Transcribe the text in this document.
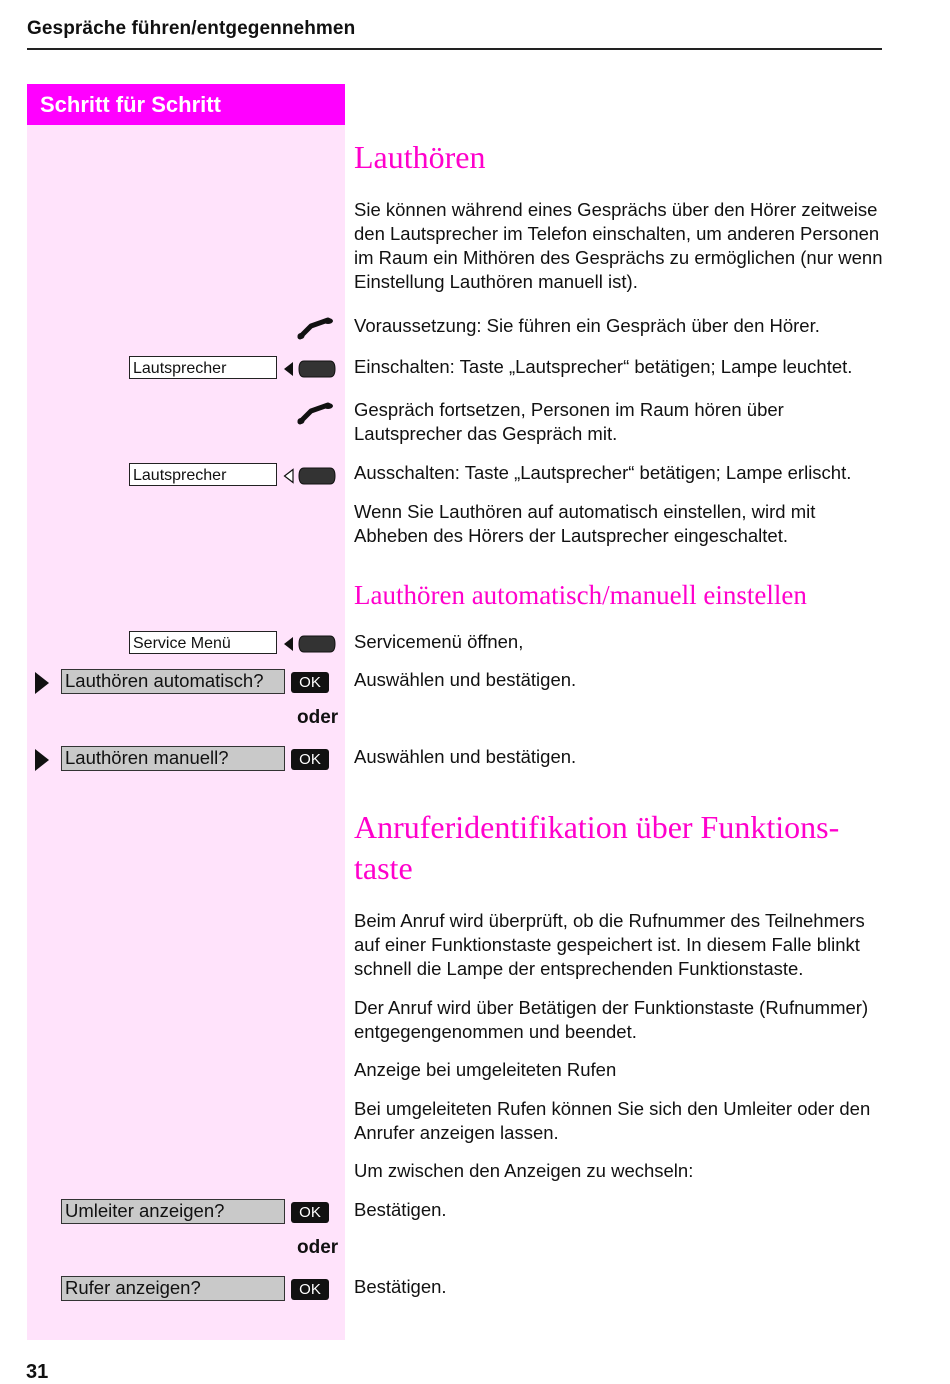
Gespräche führen/entgegennehmen
Schritt für Schritt
Lauthören
Sie können während eines Gesprächs über den Hörer zeitweise den Lautsprecher im Telefon einschalten, um anderen Personen im Raum ein Mithören des Gesprächs zu ermöglichen (nur wenn Einstellung Lauthören manuell ist).
Voraussetzung: Sie führen ein Gespräch über den Hörer.
Lautsprecher	Einschalten: Taste „Lautsprecher“ betätigen; Lampe leuchtet.
Gespräch fortsetzen, Personen im Raum hören über Lautsprecher das Gespräch mit.
Lautsprecher	Ausschalten: Taste „Lautsprecher“ betätigen; Lampe erlischt.
Wenn Sie Lauthören auf automatisch einstellen, wird mit Abheben des Hörers der Lautsprecher eingeschaltet.
Lauthören automatisch/manuell einstellen
Service Menü	Servicemenü öffnen,
Lauthören automatisch?	OK	Auswählen und bestätigen.
oder
Lauthören manuell?	OK	Auswählen und bestätigen.
Anruferidentifikation über Funktions-
taste
Beim Anruf wird überprüft, ob die Rufnummer des Teilnehmers auf einer Funktionstaste gespeichert ist. In diesem Falle blinkt schnell die Lampe der entsprechenden Funktionstaste.
Der Anruf wird über Betätigen der Funktionstaste (Rufnummer) entgegengenommen und beendet.
Anzeige bei umgeleiteten Rufen
Bei umgeleiteten Rufen können Sie sich den Umleiter oder den Anrufer anzeigen lassen.
Um zwischen den Anzeigen zu wechseln:
Umleiter anzeigen?	OK	Bestätigen.
oder
Rufer anzeigen?	OK	Bestätigen.
31
